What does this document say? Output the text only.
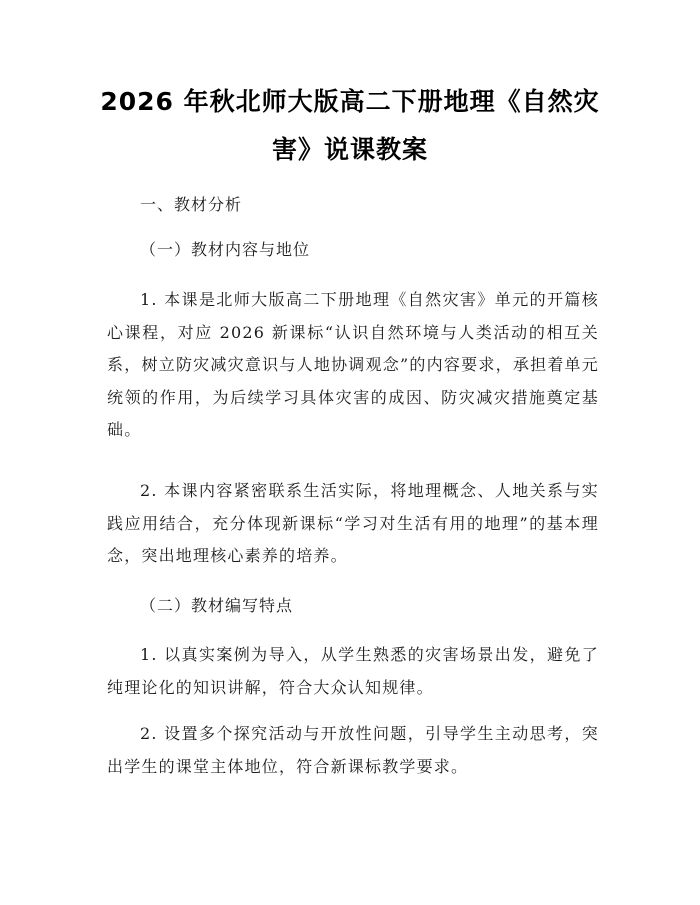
2026 年秋北师大版高二下册地理《自然灾
害》说课教案
一、教材分析
（一）教材内容与地位
1. 本课是北师大版高二下册地理《自然灾害》单元的开篇核心课程，对应 2026 新课标“认识自然环境与人类活动的相互关系，树立防灾减灾意识与人地协调观念”的内容要求，承担着单元统领的作用，为后续学习具体灾害的成因、防灾减灾措施奠定基础。
2. 本课内容紧密联系生活实际，将地理概念、人地关系与实践应用结合，充分体现新课标“学习对生活有用的地理”的基本理念，突出地理核心素养的培养。
（二）教材编写特点
1. 以真实案例为导入，从学生熟悉的灾害场景出发，避免了纯理论化的知识讲解，符合大众认知规律。
2. 设置多个探究活动与开放性问题，引导学生主动思考，突出学生的课堂主体地位，符合新课标教学要求。
